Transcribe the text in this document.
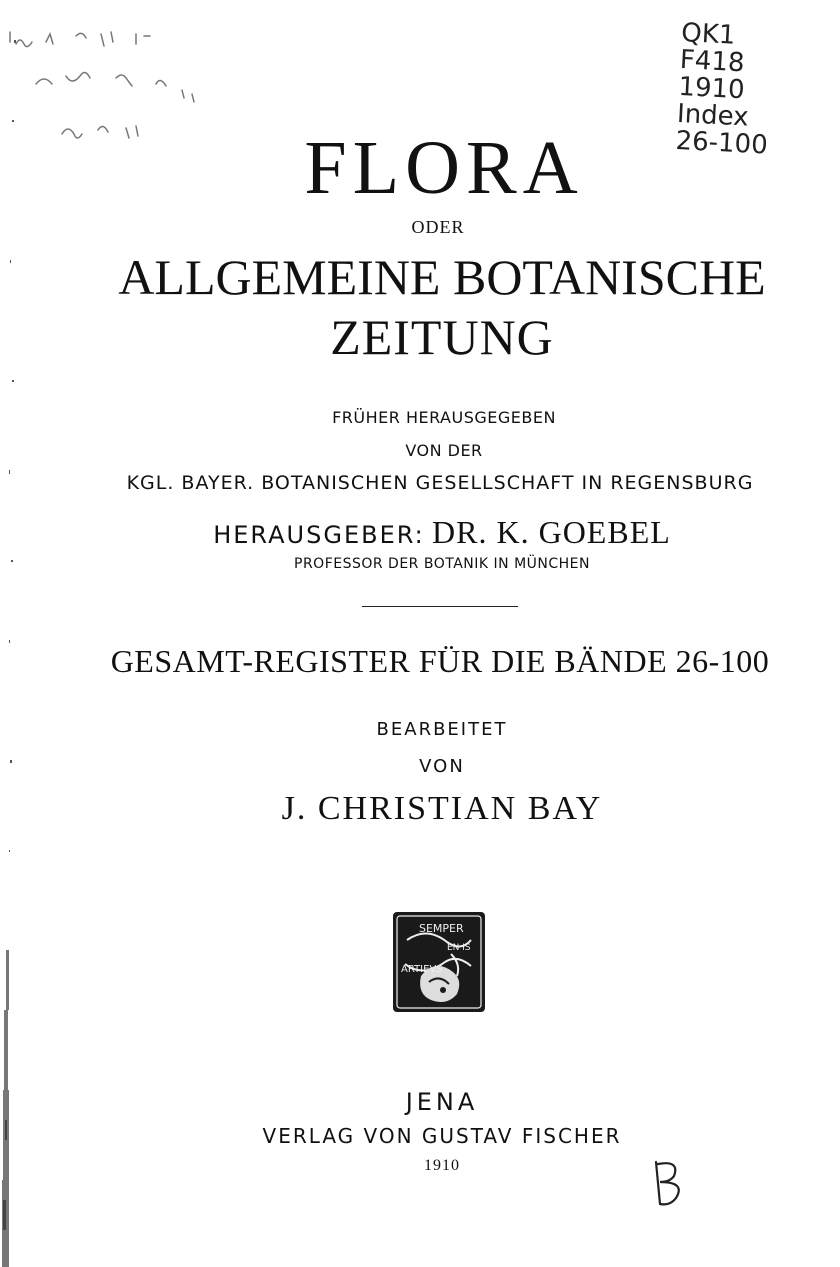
QK1
F418
1910
Index
26-100
FLORA
ODER
ALLGEMEINE BOTANISCHE
ZEITUNG
FRÜHER HERAUSGEGEBEN
VON DER
KGL. BAYER. BOTANISCHEN GESELLSCHAFT IN REGENSBURG
HERAUSGEBER: DR. K. GOEBEL
PROFESSOR DER BOTANIK IN MÜNCHEN
GESAMT-REGISTER FÜR DIE BÄNDE 26-100
BEARBEITET
VON
J. CHRISTIAN BAY
SEMPER
EN IS
ARTIEVS
JENA
VERLAG VON GUSTAV FISCHER
1910	B
